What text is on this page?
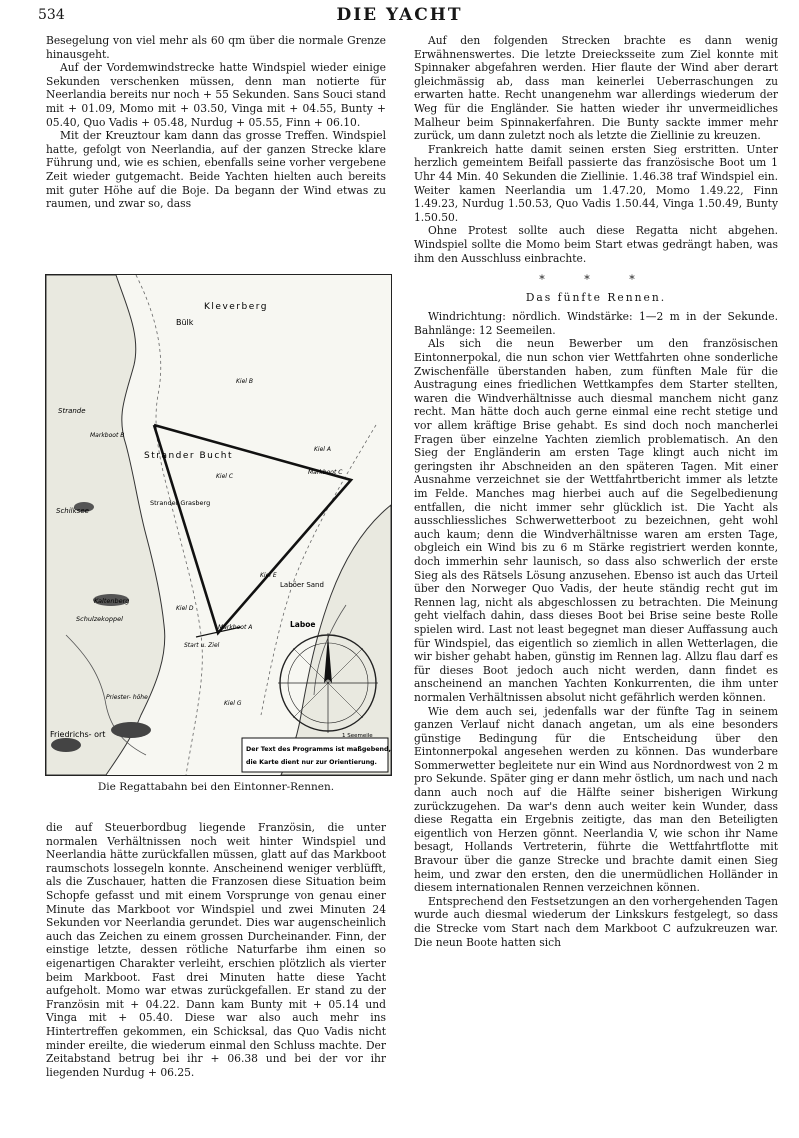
534	DIE YACHT

Besegelung von viel mehr als 60 qm über die normale Grenze hinausgeht.

Auf der Vordemwindstrecke hatte Windspiel wieder einige Sekunden verschenken müssen, denn man notierte für Neerlandia bereits nur noch + 55 Sekunden. Sans Souci stand mit + 01.09, Momo mit + 03.50, Vinga mit + 04.55, Bunty + 05.40, Quo Vadis + 05.48, Nurdug + 05.55, Finn + 06.10.

Mit der Kreuztour kam dann das grosse Treffen. Windspiel hatte, gefolgt von Neerlandia, auf der ganzen Strecke klare Führung und, wie es schien, ebenfalls seine vorher vergebene Zeit wieder gutgemacht. Beide Yachten hielten auch bereits mit guter Höhe auf die Boje. Da begann der Wind etwas zu raumen, und zwar so, dass

Bülk
Kleverberg
Kiel B
Strande
Markboot B
Strander Bucht
Kiel A
Markboot C
Kiel C
Strander Grasberg
Schilksee
Kiel E
Laböer Sand
Kaltenberg
Schulzekoppel
Kiel D
Markboot A
Start u. Ziel
Laboe
Priester- höhe
Kiel G
Friedrichs- ort	1 Seemeile
Der Text des Programms ist maßgebend,
die Karte dient nur zur Orientierung.
Die Regattabahn bei den Eintonner-Rennen.

die auf Steuerbordbug liegende Französin, die unter normalen Verhältnissen noch weit hinter Windspiel und Neerlandia hätte zurückfallen müssen, glatt auf das Markboot raumschots lossegeln konnte. Anscheinend weniger verblüfft, als die Zuschauer, hatten die Franzosen diese Situation beim Schopfe gefasst und mit einem Vorsprunge von genau einer Minute das Markboot vor Windspiel und zwei Minuten 24 Sekunden vor Neerlandia gerundet. Dies war augenscheinlich auch das Zeichen zu einem grossen Durcheinander. Finn, der einstige letzte, dessen rötliche Naturfarbe ihm einen so eigenartigen Charakter verleiht, erschien plötzlich als vierter beim Markboot. Fast drei Minuten hatte diese Yacht aufgeholt. Momo war etwas zurückgefallen. Er stand zu der Französin mit + 04.22. Dann kam Bunty mit + 05.14 und Vinga mit + 05.40. Diese war also auch mehr ins Hintertreffen gekommen, ein Schicksal, das Quo Vadis nicht minder ereilte, die wiederum einmal den Schluss machte. Der Zeitabstand betrug bei ihr + 06.38 und bei der vor ihr liegenden Nurdug + 06.25.

Auf den folgenden Strecken brachte es dann wenig Erwähnenswertes. Die letzte Dreiecksseite zum Ziel konnte mit Spinnaker abgefahren werden. Hier flaute der Wind aber derart gleichmässig ab, dass man keinerlei Ueberraschungen zu erwarten hatte. Recht unangenehm war allerdings wiederum der Weg für die Engländer. Sie hatten wieder ihr unvermeidliches Malheur beim Spinnakerfahren. Die Bunty sackte immer mehr zurück, um dann zuletzt noch als letzte die Ziellinie zu kreuzen.

Frankreich hatte damit seinen ersten Sieg erstritten. Unter herzlich gemeintem Beifall passierte das französische Boot um 1 Uhr 44 Min. 40 Sekunden die Ziellinie. 1.46.38 traf Windspiel ein. Weiter kamen Neerlandia um 1.47.20, Momo 1.49.22, Finn 1.49.23, Nurdug 1.50.53, Quo Vadis 1.50.44, Vinga 1.50.49, Bunty 1.50.50.

Ohne Protest sollte auch diese Regatta nicht abgehen. Windspiel sollte die Momo beim Start etwas gedrängt haben, was ihm den Ausschluss einbrachte.

* * *
Das fünfte Rennen.

Windrichtung: nördlich. Windstärke: 1—2 m in der Sekunde. Bahnlänge: 12 Seemeilen.

Als sich die neun Bewerber um den französischen Eintonnerpokal, die nun schon vier Wettfahrten ohne sonderliche Zwischenfälle überstanden haben, zum fünften Male für die Austragung eines friedlichen Wettkampfes dem Starter stellten, waren die Windverhältnisse auch diesmal manchem nicht ganz recht. Man hätte doch auch gerne einmal eine recht stetige und vor allem kräftige Brise gehabt. Es sind doch noch mancherlei Fragen über einzelne Yachten ziemlich problematisch. An den Sieg der Engländerin am ersten Tage klingt auch nicht im geringsten ihr Abschneiden an den späteren Tagen. Mit einer Ausnahme verzeichnet sie der Wettfahrtbericht immer als letzte im Felde. Manches mag hierbei auch auf die Segelbedienung entfallen, die nicht immer sehr glücklich ist. Die Yacht als ausschliessliches Schwerwetterboot zu bezeichnen, geht wohl auch kaum; denn die Windverhältnisse waren am ersten Tage, obgleich ein Wind bis zu 6 m Stärke registriert werden konnte, doch immerhin sehr launisch, so dass also schwerlich der erste Sieg als des Rätsels Lösung anzusehen. Ebenso ist auch das Urteil über den Norweger Quo Vadis, der heute ständig recht gut im Rennen lag, nicht als abgeschlossen zu betrachten. Die Meinung geht vielfach dahin, dass dieses Boot bei Brise seine beste Rolle spielen wird. Last not least begegnet man dieser Auffassung auch für Windspiel, das eigentlich so ziemlich in allen Wetterlagen, die wir bisher gehabt haben, günstig im Rennen lag. Allzu flau darf es für dieses Boot jedoch auch nicht werden, dann findet es anscheinend an manchen Yachten Konkurrenten, die ihm unter normalen Verhältnissen absolut nicht gefährlich werden können.

Wie dem auch sei, jedenfalls war der fünfte Tag in seinem ganzen Verlauf nicht danach angetan, um als eine besonders günstige Bedingung für die Entscheidung über den Eintonnerpokal angesehen werden zu können. Das wunderbare Sommerwetter begleitete nur ein Wind aus Nordnordwest von 2 m pro Sekunde. Später ging er dann mehr östlich, um nach und nach dann auch noch auf die Hälfte seiner bisherigen Wirkung zurückzugehen. Da war's denn auch weiter kein Wunder, dass diese Regatta ein Ergebnis zeitigte, das man den Beteiligten eigentlich von Herzen gönnt. Neerlandia V, wie schon ihr Name besagt, Hollands Vertreterin, führte die Wettfahrtflotte mit Bravour über die ganze Strecke und brachte damit einen Sieg heim, und zwar den ersten, den die unermüdlichen Holländer in diesem internationalen Rennen verzeichnen können.

Entsprechend den Festsetzungen an den vorhergehenden Tagen wurde auch diesmal wiederum der Linkskurs festgelegt, so dass die Strecke vom Start nach dem Markboot C aufzukreuzen war. Die neun Boote hatten sich
